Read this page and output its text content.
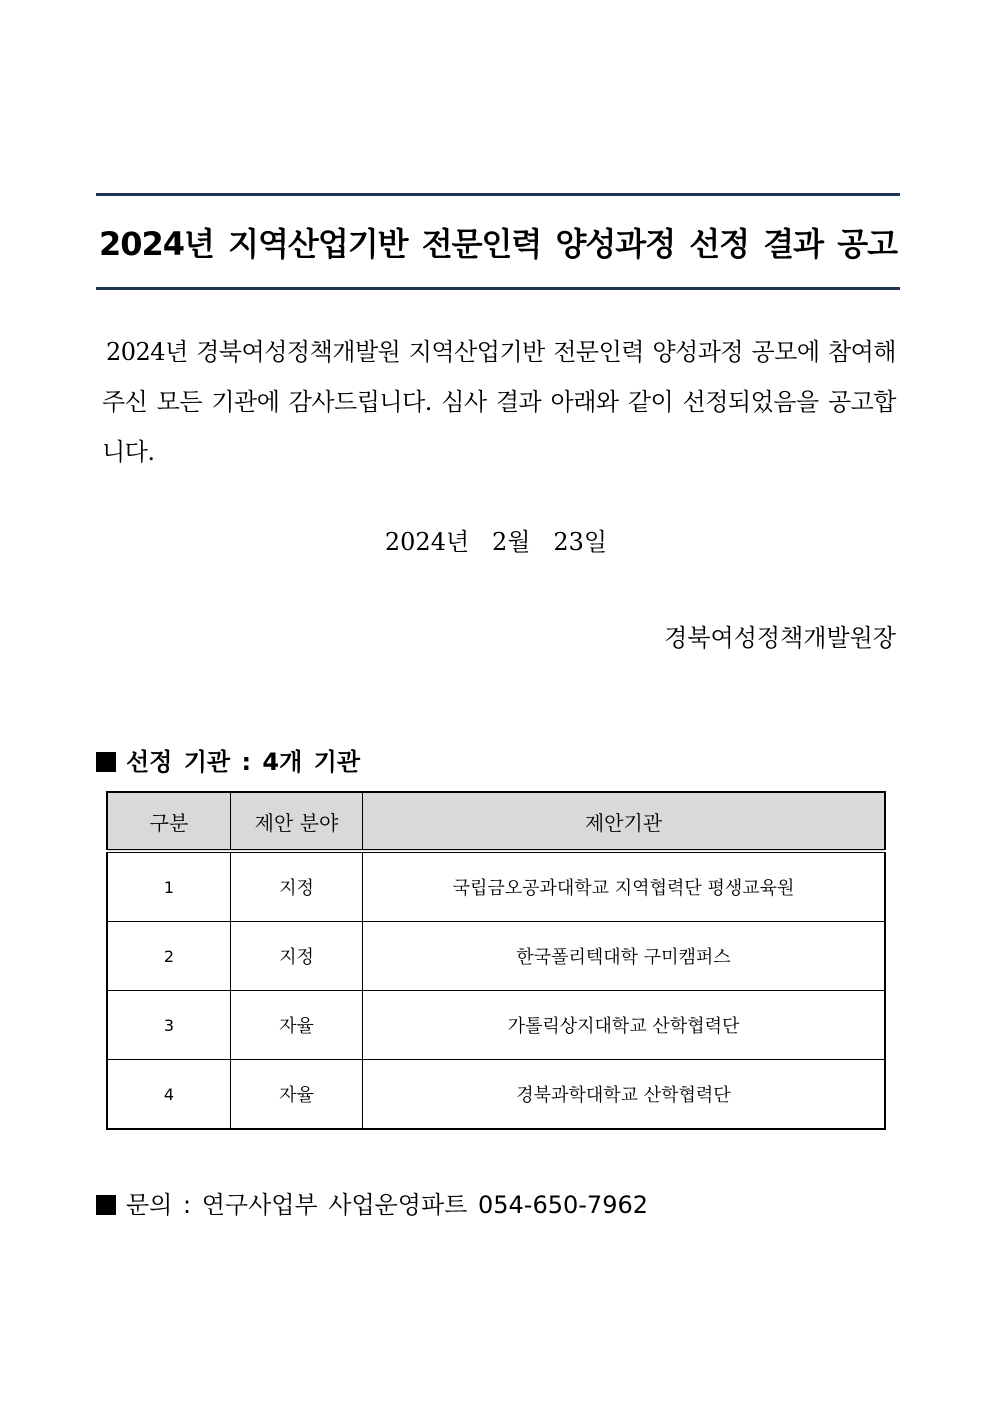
2024년 지역산업기반 전문인력 양성과정 선정 결과 공고

2024년 경북여성정책개발원 지역산업기반 전문인력 양성과정 공모에 참여해 주신 모든 기관에 감사드립니다. 심사 결과 아래와 같이 선정되었음을 공고합니다.

2024년   2월   23일
경북여성정책개발원장
선정 기관 : 4개 기관
구분	제안 분야	제안기관
1	지정	국립금오공과대학교 지역협력단 평생교육원
2	지정	한국폴리텍대학 구미캠퍼스
3	자율	가톨릭상지대학교 산학협력단
4	자율	경북과학대학교 산학협력단
문의 : 연구사업부 사업운영파트 054-650-7962
